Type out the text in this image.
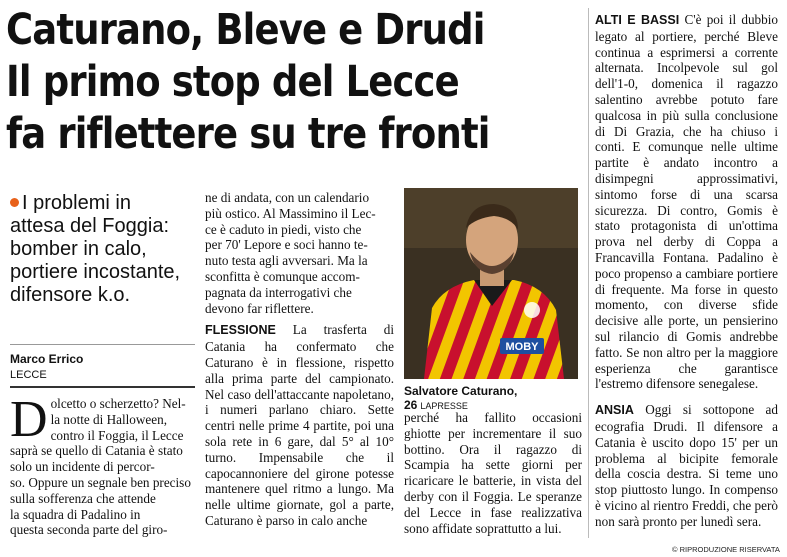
Caturano, Bleve e Drudi
Il primo stop del Lecce
fa riflettere su tre fronti
I problemi in
attesa del Foggia:
bomber in calo,
portiere incostante,
difensore k.o.
Marco Errico
LECCE
D olcetto o scherzetto? Nel-

la notte di Halloween,

contro il Foggia, il Lecce

saprà se quello di Catania è stato

solo un incidente di percor-

so. Oppure un segnale ben preciso

sulla sofferenza che attende

la squadra di Padalino in

questa seconda parte del giro-

ne di andata, con un calendario

più ostico. Al Massimino il Lec-

ce è caduto in piedi, visto che

per 70' Lepore e soci hanno te-

nuto testa agli avversari. Ma la

sconfitta è comunque accom-

pagnata da interrogativi che

devono far riflettere.

FLESSIONE La trasferta di Catania ha confermato che Caturano è in flessione, rispetto alla prima parte del campionato. Nel caso dell'attaccante napoletano, i numeri parlano chiaro. Sette centri nelle prime 4 partite, poi una sola rete in 6 gare, dal 5° al 10° turno. Impensabile che il capocannoniere del girone potesse mantenere quel ritmo a lungo. Ma nelle ultime giornate, gol a parte, Caturano è parso in calo anche

MOBY
Salvatore Caturano, 26 LAPRESSE

perché ha fallito occasioni ghiotte per incrementare il suo bottino. Ora il ragazzo di Scampia ha sette giorni per ricaricare le batterie, in vista del derby con il Foggia. Le speranze del Lecce in fase realizzativa sono affidate soprattutto a lui.

ALTI E BASSI C'è poi il dubbio legato al portiere, perché Bleve continua a esprimersi a corrente alternata. Incolpevole sul gol dell'1-0, domenica il ragazzo salentino avrebbe potuto fare qualcosa in più sulla conclusione di Di Grazia, che ha chiuso i conti. E comunque nelle ultime partite è andato incontro a disimpegni approssimativi, sintomo forse di una scarsa sicurezza. Di contro, Gomis è stato protagonista di un'ottima prova nel derby di Coppa a Francavilla Fontana. Padalino è poco propenso a cambiare portiere di frequente. Ma forse in questo momento, con diverse sfide decisive alle porte, un pensierino sul rilancio di Gomis andrebbe fatto. Se non altro per la maggiore esperienza che garantisce l'estremo difensore senegalese.

ANSIA Oggi si sottopone ad ecografia Drudi. Il difensore a Catania è uscito dopo 15' per un problema al bicipite femorale della coscia destra. Si teme uno stop piuttosto lungo. In compenso è vicino al rientro Freddi, che però non sarà pronto per lunedì sera.

© RIPRODUZIONE RISERVATA
